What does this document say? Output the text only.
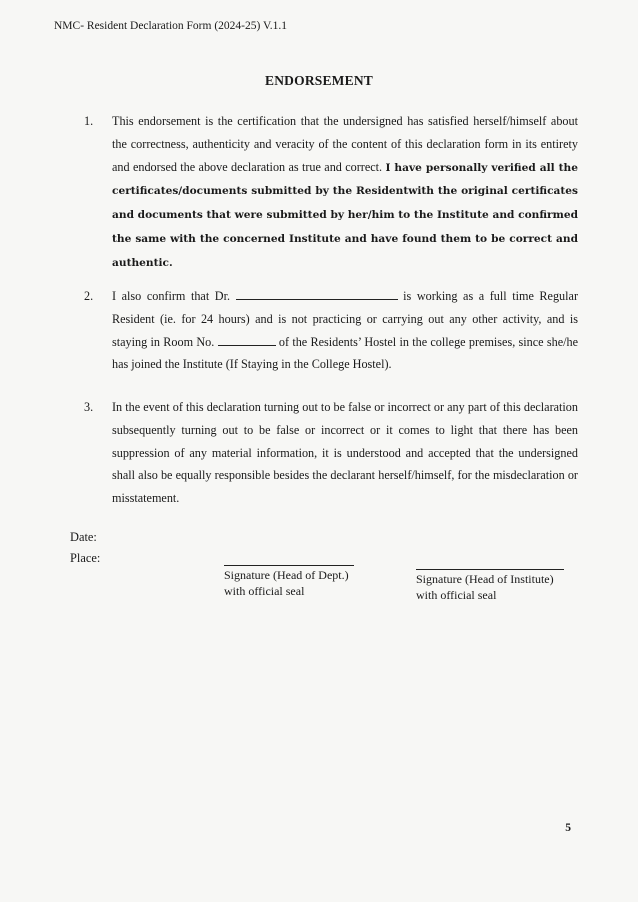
NMC- Resident Declaration Form (2024-25) V.1.1
ENDORSEMENT
1.	This endorsement is the certification that the undersigned has satisfied herself/himself about the correctness, authenticity and veracity of the content of this declaration form in its entirety and endorsed the above declaration as true and correct. I have personally verified all the certificates/documents submitted by the Residentwith the original certificates and documents that were submitted by her/him to the Institute and confirmed the same with the concerned Institute and have found them to be correct and authentic.
2.	I also confirm that Dr.	is working as a full time Regular Resident (ie. for 24 hours) and is not practicing or carrying out any other activity, and is staying in Room No.	of the Residents’ Hostel in the college premises, since she/he has joined the Institute (If Staying in the College Hostel).
3.	In the event of this declaration turning out to be false or incorrect or any part of this declaration subsequently turning out to be false or incorrect or it comes to light that there has been suppression of any material information, it is understood and accepted that the undersigned shall also be equally responsible besides the declarant herself/himself, for the misdeclaration or misstatement.
Date:
Place:
Signature (Head of Dept.)
with official seal
Signature (Head of Institute)
with official seal
5
